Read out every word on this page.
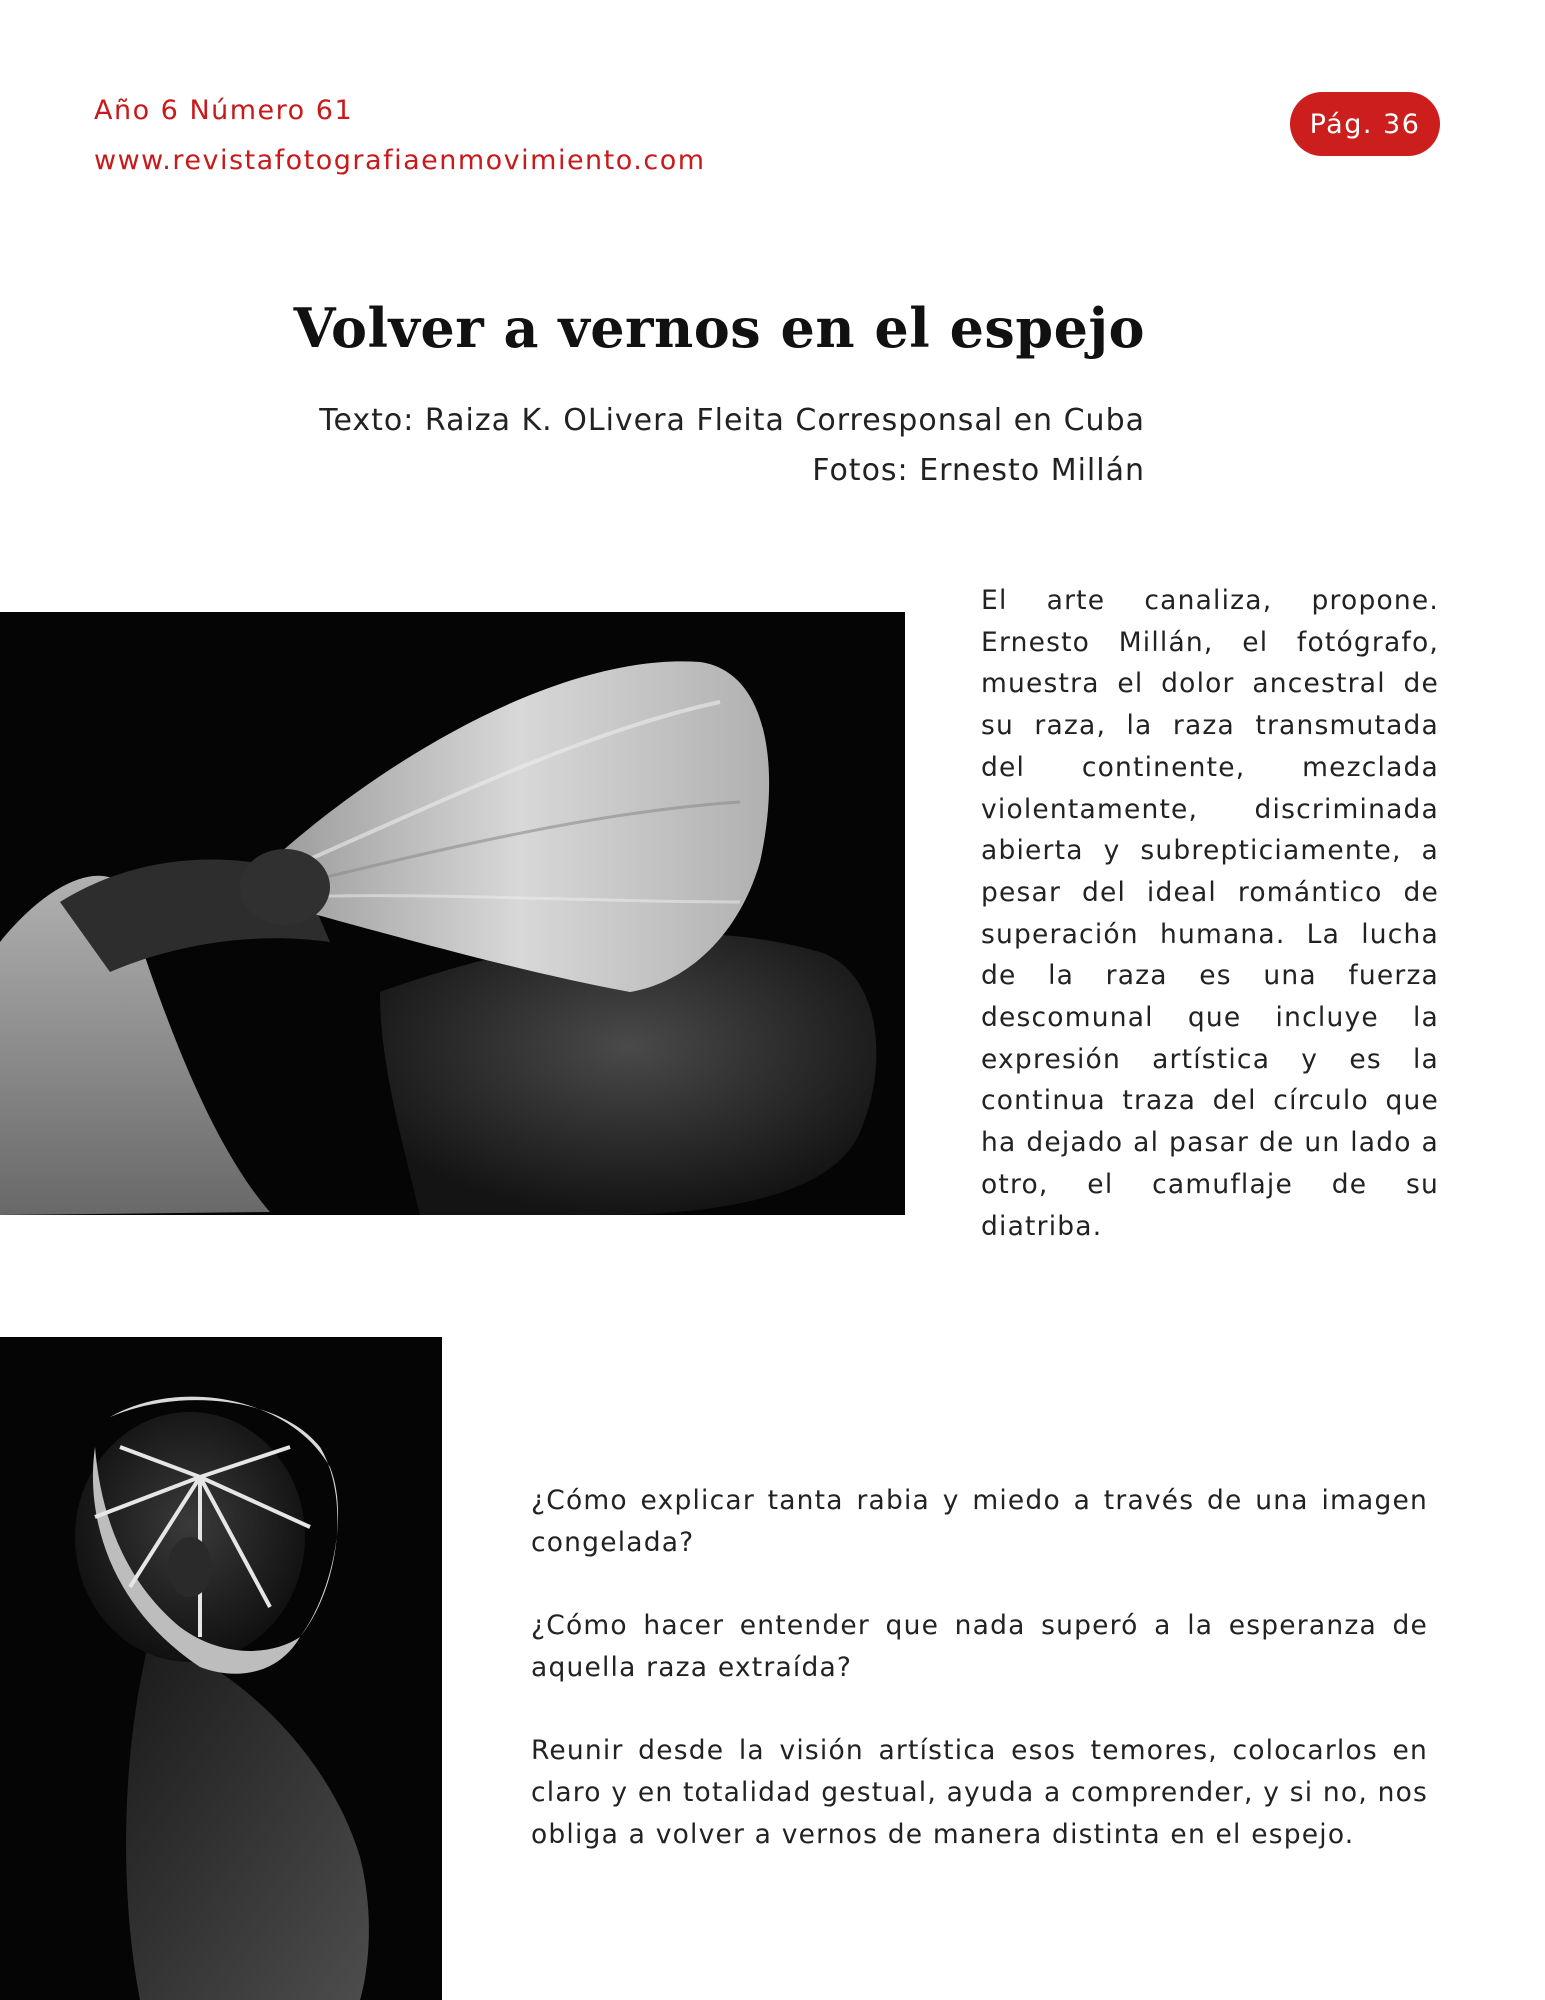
Año 6 Número 61
www.revistafotografiaenmovimiento.com
Pág. 36
Volver a vernos en el espejo
Texto: Raiza K. OLivera Fleita Corresponsal en Cuba
Fotos: Ernesto Millán

El arte canaliza, propone. Ernesto Millán, el fotógrafo, muestra el dolor ancestral de su raza, la raza transmutada del continente, mezclada violentamente, discriminada abierta y subrepticiamente, a pesar del ideal romántico de superación humana. La lucha de la raza es una fuerza descomunal que incluye la expresión artística y es la continua traza del círculo que ha dejado al pasar de un lado a otro, el camuflaje de su diatriba.

¿Cómo explicar tanta rabia y miedo a través de una imagen congelada?

¿Cómo hacer entender que nada superó a la esperanza de aquella raza extraída?

Reunir desde la visión artística esos temores, colocarlos en claro y en totalidad gestual, ayuda a comprender, y si no, nos obliga a volver a vernos de manera distinta en el espejo.
